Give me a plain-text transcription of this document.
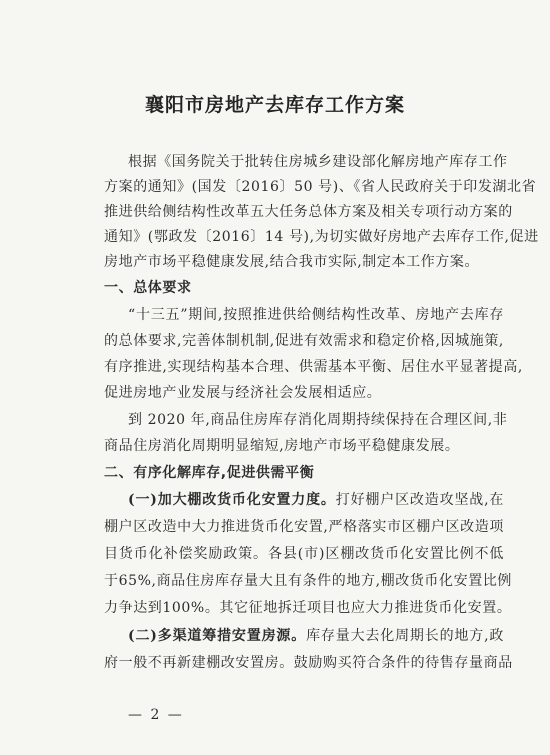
襄阳市房地产去库存工作方案
根据《国务院关于批转住房城乡建设部化解房地产库存工作
方案的通知》(国发〔2016〕50 号)、《省人民政府关于印发湖北省
推进供给侧结构性改革五大任务总体方案及相关专项行动方案的
通知》(鄂政发〔2016〕14 号),为切实做好房地产去库存工作,促进
房地产市场平稳健康发展,结合我市实际,制定本工作方案。
一、总体要求
“十三五”期间,按照推进供给侧结构性改革、房地产去库存
的总体要求,完善体制机制,促进有效需求和稳定价格,因城施策,
有序推进,实现结构基本合理、供需基本平衡、居住水平显著提高,
促进房地产业发展与经济社会发展相适应。
到 2020 年,商品住房库存消化周期持续保持在合理区间,非
商品住房消化周期明显缩短,房地产市场平稳健康发展。
二、有序化解库存,促进供需平衡
(一)加大棚改货币化安置力度。打好棚户区改造攻坚战,在
棚户区改造中大力推进货币化安置,严格落实市区棚户区改造项
目货币化补偿奖励政策。各县(市)区棚改货币化安置比例不低
于65%,商品住房库存量大且有条件的地方,棚改货币化安置比例
力争达到100%。其它征地拆迁项目也应大力推进货币化安置。
(二)多渠道筹措安置房源。库存量大去化周期长的地方,政
府一般不再新建棚改安置房。鼓励购买符合条件的待售存量商品
— 2 —
